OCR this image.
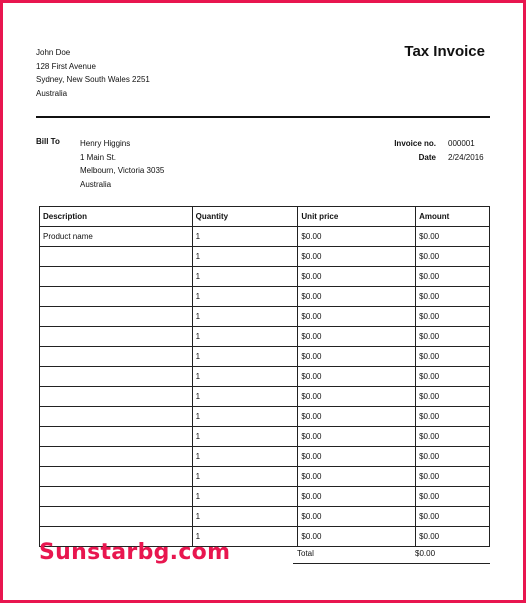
John Doe
128 First Avenue
Sydney, New South Wales 2251
Australia
Tax Invoice
Bill To	Henry Higgins
1 Main St.
Melbourn, Victoria 3035
Australia
Invoice no. 000001
Date 2/24/2016
Description	Quantity	Unit price	Amount
Product name	1	$0.00	$0.00
	1	$0.00	$0.00
	1	$0.00	$0.00
	1	$0.00	$0.00
	1	$0.00	$0.00
	1	$0.00	$0.00
	1	$0.00	$0.00
	1	$0.00	$0.00
	1	$0.00	$0.00
	1	$0.00	$0.00
	1	$0.00	$0.00
	1	$0.00	$0.00
	1	$0.00	$0.00
	1	$0.00	$0.00
	1	$0.00	$0.00
	1	$0.00	$0.00
Total	$0.00
Sunstarbg.com
